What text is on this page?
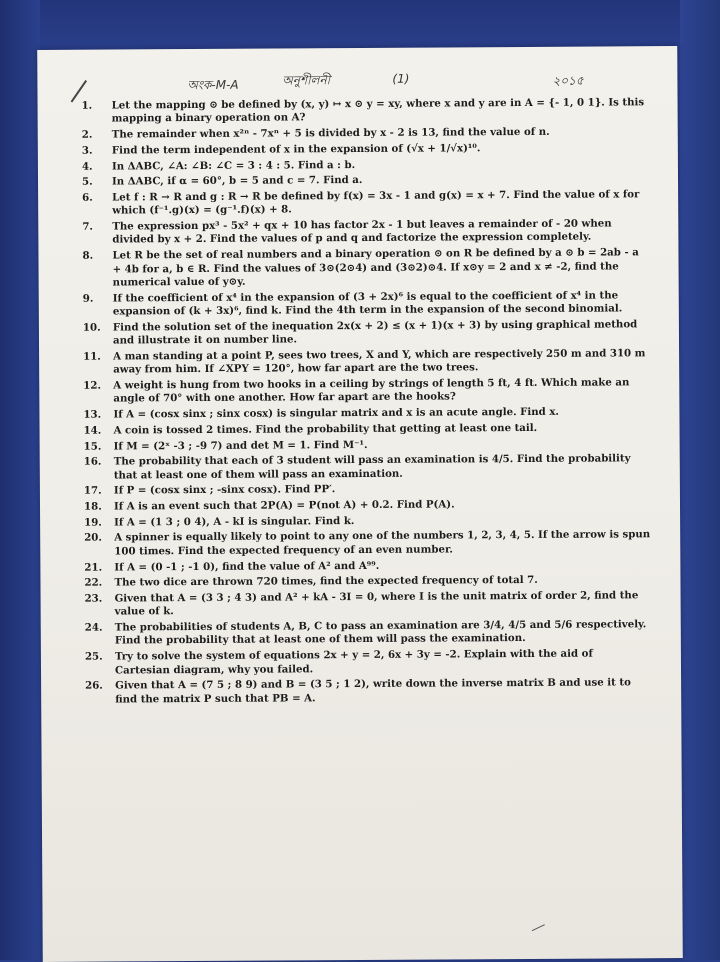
অংক-M-A	অনুশীলনী	(1)	২০১৫
1.	Let the mapping ⊙ be defined by (x, y) ↦ x ⊙ y = xy, where x and y are in A = {- 1, 0 1}. Is this mapping a binary operation on A?
2.	The remainder when x²ⁿ - 7xⁿ + 5 is divided by x - 2 is 13, find the value of n.
3.	Find the term independent of x in the expansion of (√x + 1/√x)¹⁰.
4.	In ΔABC, ∠A: ∠B: ∠C = 3 : 4 : 5. Find a : b.
5.	In ΔABC, if α = 60°, b = 5 and c = 7. Find a.
6.	Let f : R → R and g : R → R be defined by f(x) = 3x - 1 and g(x) = x + 7. Find the value of x for which (f⁻¹.g)(x) = (g⁻¹.f)(x) + 8.
7.	The expression px³ - 5x² + qx + 10 has factor 2x - 1 but leaves a remainder of - 20 when divided by x + 2. Find the values of p and q and factorize the expression completely.
8.	Let R be the set of real numbers and a binary operation ⊙ on R be defined by a ⊙ b = 2ab - a + 4b for a, b ∈ R. Find the values of 3⊙(2⊙4) and (3⊙2)⊙4. If x⊙y = 2 and x ≠ -2, find the numerical value of y⊙y.
9.	If the coefficient of x⁴ in the expansion of (3 + 2x)⁶ is equal to the coefficient of x⁴ in the expansion of (k + 3x)⁶, find k. Find the 4th term in the expansion of the second binomial.
10.	Find the solution set of the inequation 2x(x + 2) ≤ (x + 1)(x + 3) by using graphical method and illustrate it on number line.
11.	A man standing at a point P, sees two trees, X and Y, which are respectively 250 m and 310 m away from him. If ∠XPY = 120°, how far apart are the two trees.
12.	A weight is hung from two hooks in a ceiling by strings of length 5 ft, 4 ft. Which make an angle of 70° with one another. How far apart are the hooks?
13.	If A = (cosx sinx ; sinx cosx) is singular matrix and x is an acute angle. Find x.
14.	A coin is tossed 2 times. Find the probability that getting at least one tail.
15.	If M = (2ˣ -3 ; -9 7) and det M = 1. Find M⁻¹.
16.	The probability that each of 3 student will pass an examination is 4/5. Find the probability that at least one of them will pass an examination.
17.	If P = (cosx sinx ; -sinx cosx). Find PP′.
18.	If A is an event such that 2P(A) = P(not A) + 0.2. Find P(A).
19.	If A = (1 3 ; 0 4), A - kI is singular. Find k.
20.	A spinner is equally likely to point to any one of the numbers 1, 2, 3, 4, 5. If the arrow is spun 100 times. Find the expected frequency of an even number.
21.	If A = (0 -1 ; -1 0), find the value of A² and A⁹⁹.
22.	The two dice are thrown 720 times, find the expected frequency of total 7.
23.	Given that A = (3 3 ; 4 3) and A² + kA - 3I = 0, where I is the unit matrix of order 2, find the value of k.
24.	The probabilities of students A, B, C to pass an examination are 3/4, 4/5 and 5/6 respectively. Find the probability that at least one of them will pass the examination.
25.	Try to solve the system of equations 2x + y = 2, 6x + 3y = -2. Explain with the aid of Cartesian diagram, why you failed.
26.	Given that A = (7 5 ; 8 9) and B = (3 5 ; 1 2), write down the inverse matrix B and use it to find the matrix P such that PB = A.
